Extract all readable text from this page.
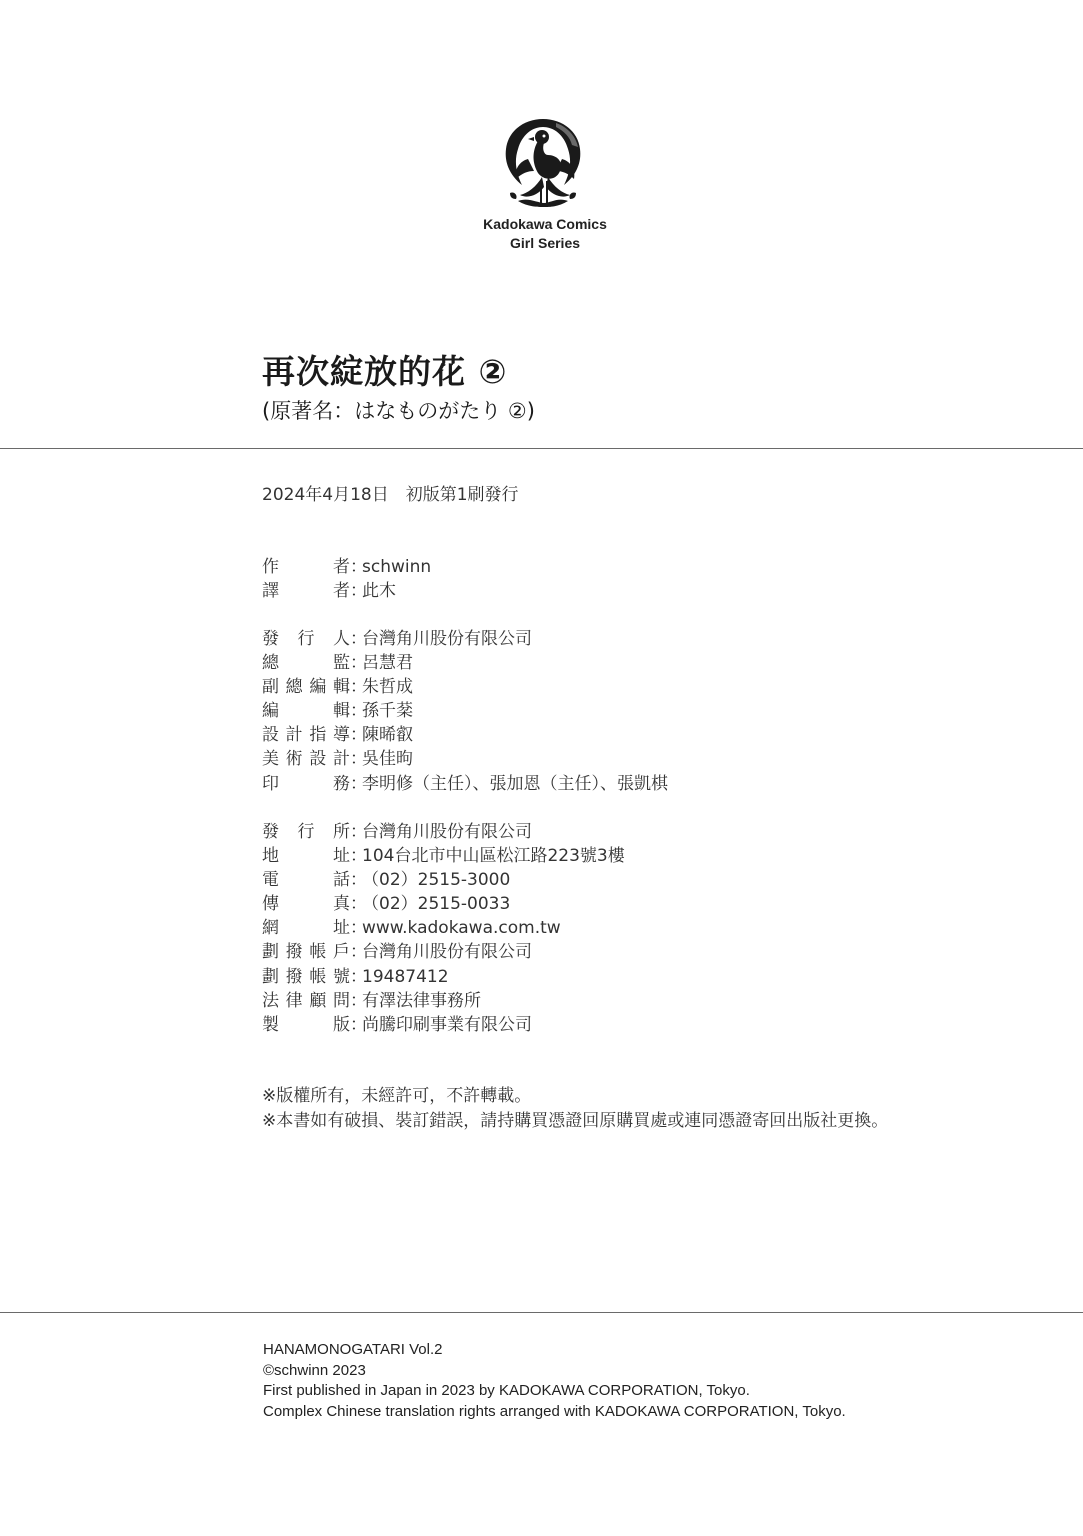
Kadokawa Comics
Girl Series
再次綻放的花 ②
(原著名：はなものがたり ②)
2024年4月18日　初版第1刷發行
作者：schwinn
譯者：此木
發行人：台灣角川股份有限公司
總監：呂慧君
副總編輯：朱哲成
編輯：孫千棻
設計指導：陳晞叡
美術設計：吳佳昫
印務：李明修（主任）、張加恩（主任）、張凱棋
發行所：台灣角川股份有限公司
地址：104台北市中山區松江路223號3樓
電話：（02）2515-3000
傳真：（02）2515-0033
網址：www.kadokawa.com.tw
劃撥帳戶：台灣角川股份有限公司
劃撥帳號：19487412
法律顧問：有澤法律事務所
製版：尚騰印刷事業有限公司
※版權所有，未經許可，不許轉載。
※本書如有破損、裝訂錯誤，請持購買憑證回原購買處或連同憑證寄回出版社更換。
HANAMONOGATARI Vol.2
©schwinn 2023
First published in Japan in 2023 by KADOKAWA CORPORATION, Tokyo.
Complex Chinese translation rights arranged with KADOKAWA CORPORATION, Tokyo.
